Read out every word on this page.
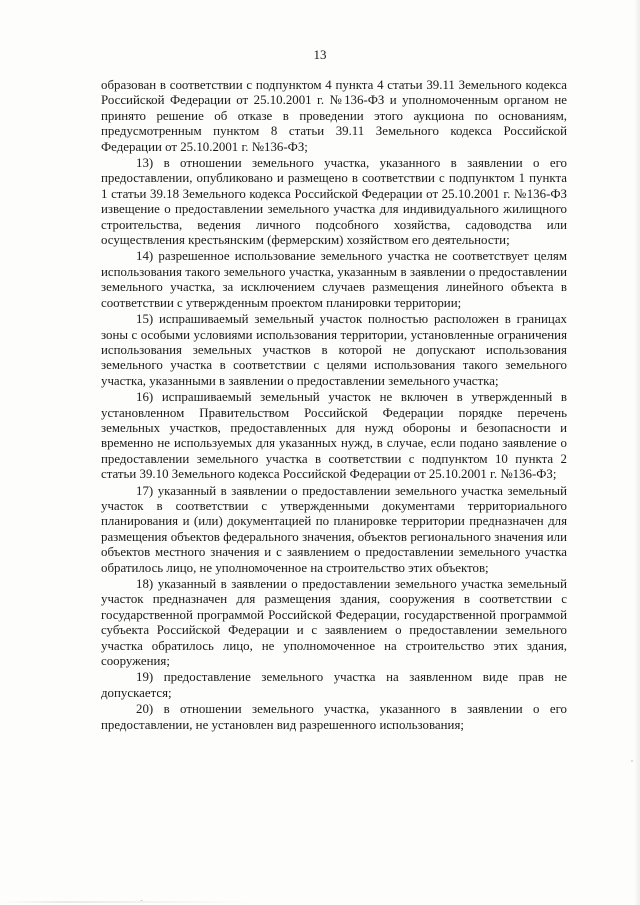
13

образован в соответствии с подпунктом 4 пункта 4 статьи 39.11 Земельного кодекса Российской Федерации от 25.10.2001 г. №136-ФЗ и уполномоченным органом не принято решение об отказе в проведении этого аукциона по основаниям, предусмотренным пунктом 8 статьи 39.11 Земельного кодекса Российской Федерации от 25.10.2001 г. №136-ФЗ;

13) в отношении земельного участка, указанного в заявлении о его предоставлении, опубликовано и размещено в соответствии с подпунктом 1 пункта 1 статьи 39.18 Земельного кодекса Российской Федерации от 25.10.2001 г. №136-ФЗ извещение о предоставлении земельного участка для индивидуального жилищного строительства, ведения личного подсобного хозяйства, садоводства или осуществления крестьянским (фермерским) хозяйством его деятельности;

14) разрешенное использование земельного участка не соответствует целям использования такого земельного участка, указанным в заявлении о предоставлении земельного участка, за исключением случаев размещения линейного объекта в соответствии с утвержденным проектом планировки территории;

15) испрашиваемый земельный участок полностью расположен в границах зоны с особыми условиями использования территории, установленные ограничения использования земельных участков в которой не допускают использования земельного участка в соответствии с целями использования такого земельного участка, указанными в заявлении о предоставлении земельного участка;

16) испрашиваемый земельный участок не включен в утвержденный в установленном Правительством Российской Федерации порядке перечень земельных участков, предоставленных для нужд обороны и безопасности и временно не используемых для указанных нужд, в случае, если подано заявление о предоставлении земельного участка в соответствии с подпунктом 10 пункта 2 статьи 39.10 Земельного кодекса Российской Федерации от 25.10.2001 г. №136-ФЗ;

17) указанный в заявлении о предоставлении земельного участка земельный участок в соответствии с утвержденными документами территориального планирования и (или) документацией по планировке территории предназначен для размещения объектов федерального значения, объектов регионального значения или объектов местного значения и с заявлением о предоставлении земельного участка обратилось лицо, не уполномоченное на строительство этих объектов;

18) указанный в заявлении о предоставлении земельного участка земельный участок предназначен для размещения здания, сооружения в соответствии с государственной программой Российской Федерации, государственной программой субъекта Российской Федерации и с заявлением о предоставлении земельного участка обратилось лицо, не уполномоченное на строительство этих здания, сооружения;

19) предоставление земельного участка на заявленном виде прав не допускается;

20) в отношении земельного участка, указанного в заявлении о его предоставлении, не установлен вид разрешенного использования;
